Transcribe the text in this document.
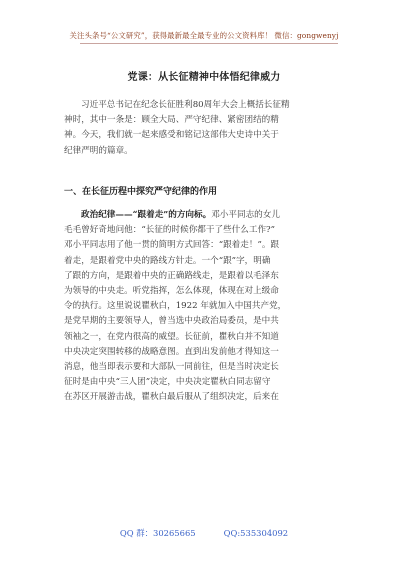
关注头条号“公文研究”，获得最新最全最专业的公文资料库！ 微信：gongwenyj
党课：从长征精神中体悟纪律威力
习近平总书记在纪念长征胜利80周年大会上概括长征精
神时，其中一条是：顾全大局、严守纪律、紧密团结的精
神。今天，我们就一起来感受和铭记这部伟大史诗中关于
纪律严明的篇章。
一、在长征历程中探究严守纪律的作用
政治纪律——“跟着走”的方向标。邓小平同志的女儿
毛毛曾好奇地问他：“长征的时候你都干了些什么工作?”
邓小平同志用了他一贯的简明方式回答：“跟着走！”。跟
着走，是跟着党中央的路线方针走。一个“跟”字，明确
了跟的方向，是跟着中央的正确路线走，是跟着以毛泽东
为领导的中央走。听党指挥，怎么体现，体现在对上级命
令的执行。这里说说瞿秋白，1922 年就加入中国共产党，
是党早期的主要领导人，曾当选中央政治局委员，是中共
领袖之一，在党内很高的威望。长征前，瞿秋白并不知道
中央决定突围转移的战略意图。直到出发前他才得知这一
消息，他当即表示要和大部队一同前往，但是当时决定长
征时是由中央“三人团”决定，中央决定瞿秋白同志留守
在苏区开展游击战，瞿秋白最后服从了组织决定，后来在
QQ 群：30265665	QQ:535304092
